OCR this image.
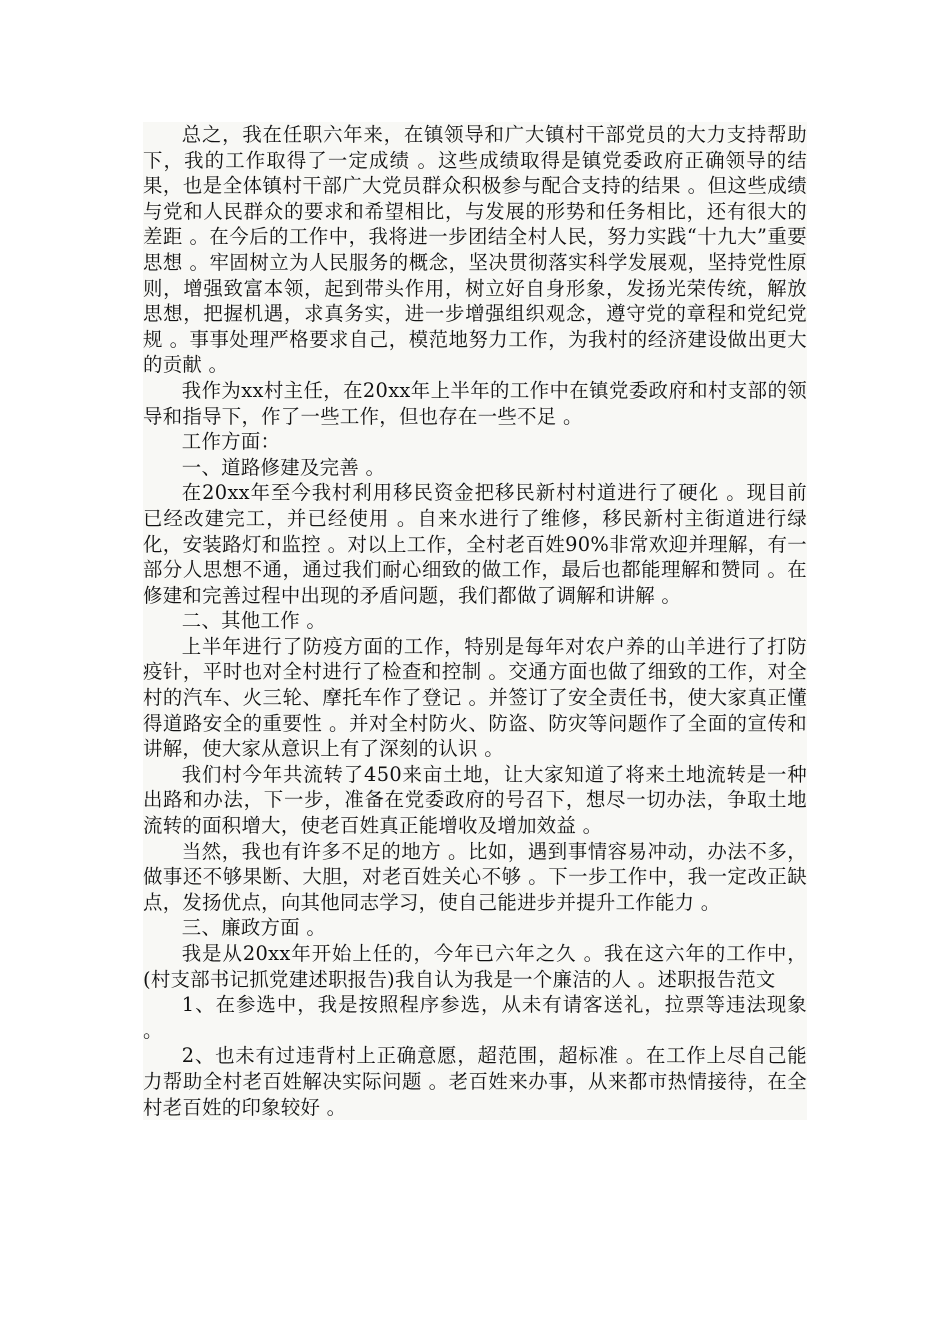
总之，我在任职六年来，在镇领导和广大镇村干部党员的大力支持帮助下，我的工作取得了一定成绩 。这些成绩取得是镇党委政府正确领导的结果，也是全体镇村干部广大党员群众积极参与配合支持的结果 。但这些成绩与党和人民群众的要求和希望相比，与发展的形势和任务相比，还有很大的差距 。在今后的工作中，我将进一步团结全村人民，努力实践“十九大”重要思想 。牢固树立为人民服务的概念，坚决贯彻落实科学发展观，坚持党性原则，增强致富本领，起到带头作用，树立好自身形象，发扬光荣传统，解放思想，把握机遇，求真务实，进一步增强组织观念，遵守党的章程和党纪党规 。事事处理严格要求自己，模范地努力工作，为我村的经济建设做出更大的贡献 。

我作为xx村主任，在20xx年上半年的工作中在镇党委政府和村支部的领导和指导下，作了一些工作，但也存在一些不足 。

工作方面：

一、道路修建及完善 。

在20xx年至今我村利用移民资金把移民新村村道进行了硬化 。现目前已经改建完工，并已经使用 。自来水进行了维修，移民新村主街道进行绿化，安装路灯和监控 。对以上工作，全村老百姓90%非常欢迎并理解，有一部分人思想不通，通过我们耐心细致的做工作，最后也都能理解和赞同 。在修建和完善过程中出现的矛盾问题，我们都做了调解和讲解 。

二、其他工作 。

上半年进行了防疫方面的工作，特别是每年对农户养的山羊进行了打防疫针，平时也对全村进行了检查和控制 。交通方面也做了细致的工作，对全村的汽车、火三轮、摩托车作了登记 。并签订了安全责任书，使大家真正懂得道路安全的重要性 。并对全村防火、防盗、防灾等问题作了全面的宣传和讲解，使大家从意识上有了深刻的认识 。

我们村今年共流转了450来亩土地，让大家知道了将来土地流转是一种出路和办法，下一步，准备在党委政府的号召下，想尽一切办法，争取土地流转的面积增大，使老百姓真正能增收及增加效益 。

当然，我也有许多不足的地方 。比如，遇到事情容易冲动，办法不多，做事还不够果断、大胆，对老百姓关心不够 。下一步工作中，我一定改正缺点，发扬优点，向其他同志学习，使自己能进步并提升工作能力 。

三、廉政方面 。

我是从20xx年开始上任的，今年已六年之久 。我在这六年的工作中，(村支部书记抓党建述职报告)我自认为我是一个廉洁的人 。述职报告范文

1、在参选中，我是按照程序参选，从未有请客送礼，拉票等违法现象 。

2、也未有过违背村上正确意愿，超范围，超标准 。在工作上尽自己能力帮助全村老百姓解决实际问题 。老百姓来办事，从来都市热情接待，在全村老百姓的印象较好 。
